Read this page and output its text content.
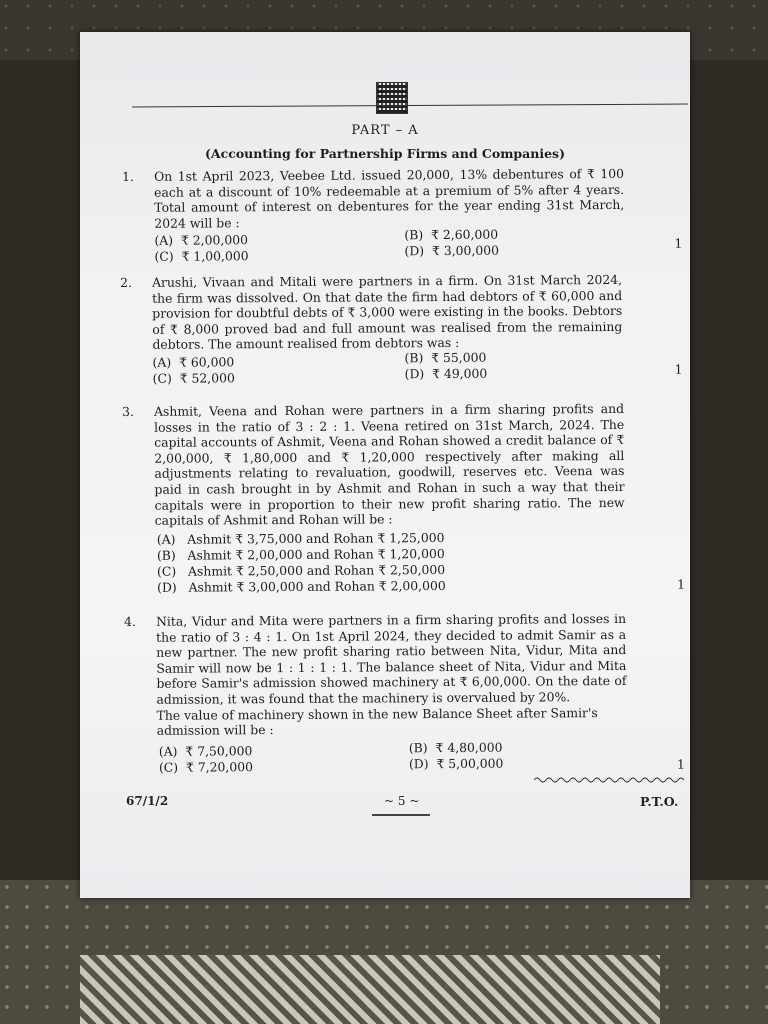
PART – A
(Accounting for Partnership Firms and Companies)
1. On 1st April 2023, Veebee Ltd. issued 20,000, 13% debentures of ₹ 100 each at a discount of 10% redeemable at a premium of 5% after 4 years. Total amount of interest on debentures for the year ending 31st March, 2024 will be :
(A) ₹ 2,00,000	(B) ₹ 2,60,000
(C) ₹ 1,00,000	(D) ₹ 3,00,000	1
2. Arushi, Vivaan and Mitali were partners in a firm. On 31st March 2024, the firm was dissolved. On that date the firm had debtors of ₹ 60,000 and provision for doubtful debts of ₹ 3,000 were existing in the books. Debtors of ₹ 8,000 proved bad and full amount was realised from the remaining debtors. The amount realised from debtors was :
(A) ₹ 60,000	(B) ₹ 55,000
(C) ₹ 52,000	(D) ₹ 49,000	1
3. Ashmit, Veena and Rohan were partners in a firm sharing profits and losses in the ratio of 3 : 2 : 1. Veena retired on 31st March, 2024. The capital accounts of Ashmit, Veena and Rohan showed a credit balance of ₹ 2,00,000, ₹ 1,80,000 and ₹ 1,20,000 respectively after making all adjustments relating to revaluation, goodwill, reserves etc. Veena was paid in cash brought in by Ashmit and Rohan in such a way that their capitals were in proportion to their new profit sharing ratio. The new capitals of Ashmit and Rohan will be :
(A) Ashmit ₹ 3,75,000 and Rohan ₹ 1,25,000
(B) Ashmit ₹ 2,00,000 and Rohan ₹ 1,20,000
(C) Ashmit ₹ 2,50,000 and Rohan ₹ 2,50,000
(D) Ashmit ₹ 3,00,000 and Rohan ₹ 2,00,000	1
4. Nita, Vidur and Mita were partners in a firm sharing profits and losses in the ratio of 3 : 4 : 1. On 1st April 2024, they decided to admit Samir as a new partner. The new profit sharing ratio between Nita, Vidur, Mita and Samir will now be 1 : 1 : 1 : 1. The balance sheet of Nita, Vidur and Mita before Samir's admission showed machinery at ₹ 6,00,000. On the date of admission, it was found that the machinery is overvalued by 20%.
The value of machinery shown in the new Balance Sheet after Samir's admission will be :
(A) ₹ 7,50,000	(B) ₹ 4,80,000
(C) ₹ 7,20,000	(D) ₹ 5,00,000	1
67/1/2	~ 5 ~	P.T.O.
